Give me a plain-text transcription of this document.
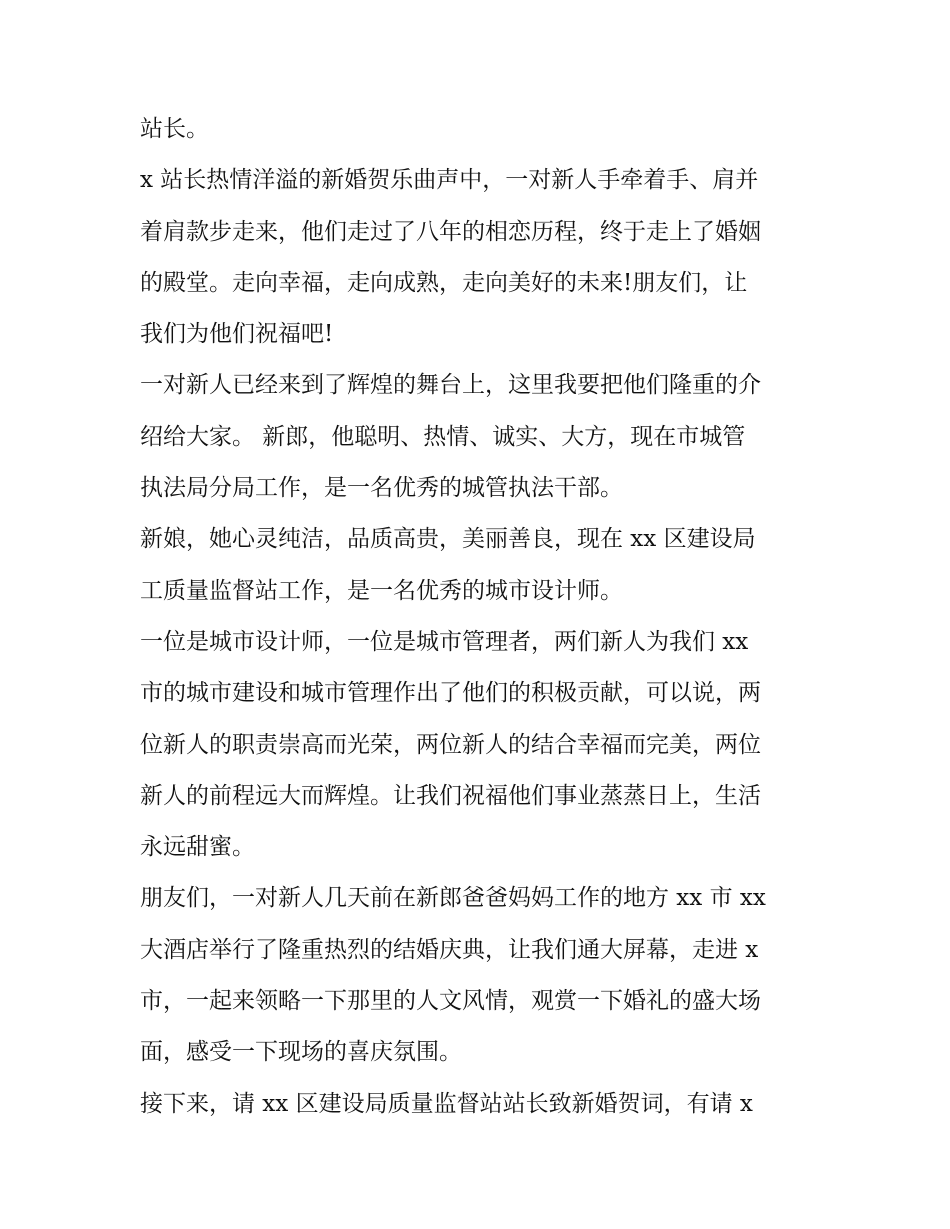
站长。
x 站长热情洋溢的新婚贺乐曲声中，一对新人手牵着手、肩并
着肩款步走来，他们走过了八年的相恋历程，终于走上了婚姻
的殿堂。走向幸福，走向成熟，走向美好的未来!朋友们，让
我们为他们祝福吧!
一对新人已经来到了辉煌的舞台上，这里我要把他们隆重的介
绍给大家。 新郎，他聪明、热情、诚实、大方，现在市城管
执法局分局工作，是一名优秀的城管执法干部。
新娘，她心灵纯洁，品质高贵，美丽善良，现在 xx 区建设局
工质量监督站工作，是一名优秀的城市设计师。
一位是城市设计师，一位是城市管理者，两们新人为我们 xx
市的城市建设和城市管理作出了他们的积极贡献，可以说，两
位新人的职责崇高而光荣，两位新人的结合幸福而完美，两位
新人的前程远大而辉煌。让我们祝福他们事业蒸蒸日上，生活
永远甜蜜。
朋友们，一对新人几天前在新郎爸爸妈妈工作的地方 xx 市 xx
大酒店举行了隆重热烈的结婚庆典，让我们通大屏幕，走进 x
市，一起来领略一下那里的人文风情，观赏一下婚礼的盛大场
面，感受一下现场的喜庆氛围。
接下来，请 xx 区建设局质量监督站站长致新婚贺词，有请 x
